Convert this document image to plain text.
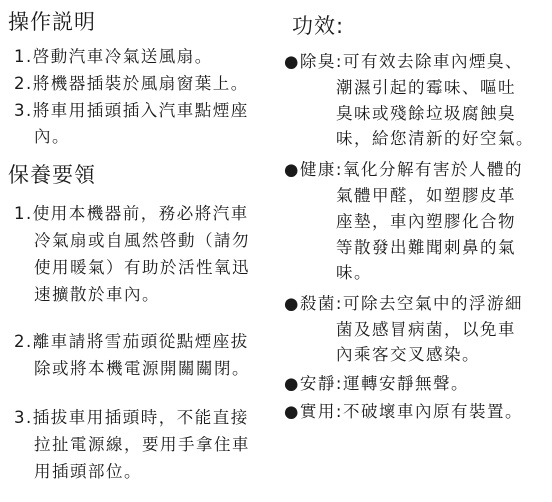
操作説明
1.啓動汽車冷氣送風扇。
2.將機器插裝於風扇窗葉上。
3.將車用插頭插入汽車點煙座
內。
保養要領
1.使用本機器前，務必將汽車
冷氣扇或自風然啓動（請勿
使用暖氣）有助於活性氧迅
速擴散於車內。
2.離車請將雪茄頭從點煙座拔
除或將本機電源開關關閉。
3.插拔車用插頭時，不能直接
拉扯電源線，要用手拿住車
用插頭部位。
功效:
●除臭:可有效去除車內煙臭、
潮濕引起的霉味、嘔吐
臭味或殘餘垃圾腐蝕臭
味，給您清新的好空氣。
●健康:氧化分解有害於人體的
氣體甲醛，如塑膠皮革
座墊，車內塑膠化合物
等散發出難聞刺鼻的氣
味。
●殺菌:可除去空氣中的浮游細
菌及感冒病菌，以免車
內乘客交叉感染。
●安靜:運轉安靜無聲。
●實用:不破壞車內原有裝置。
